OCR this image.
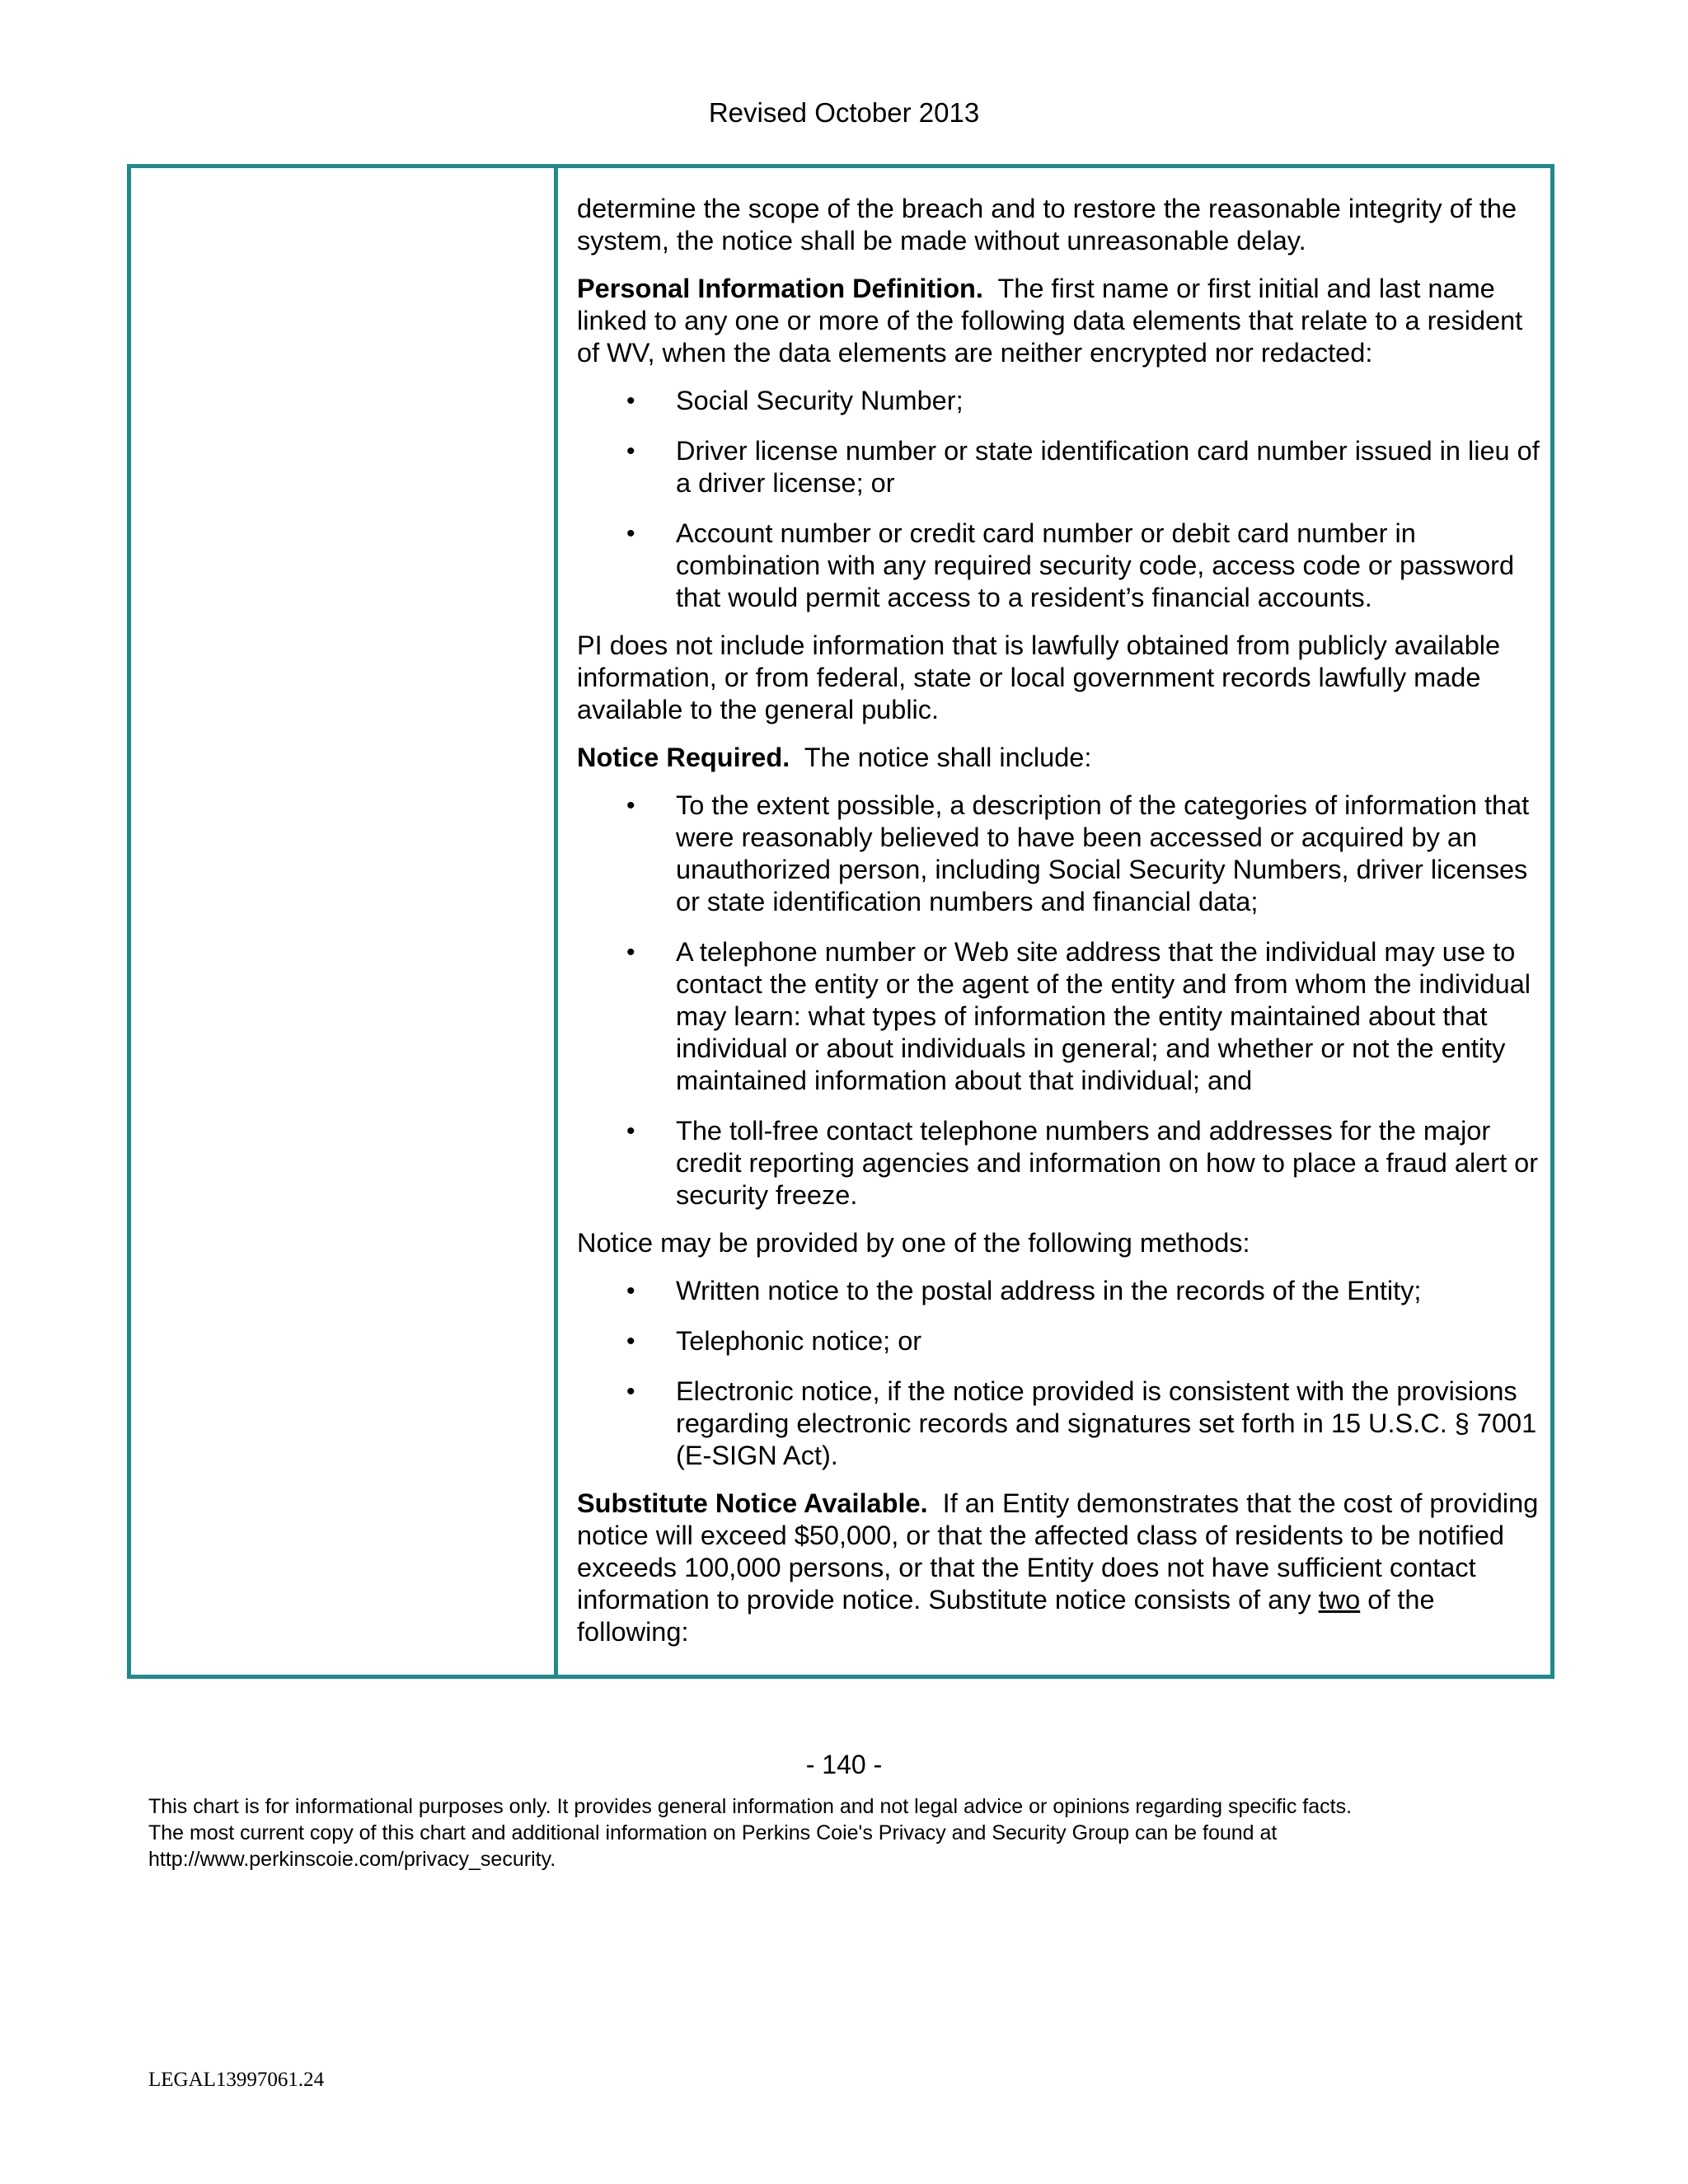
Revised October 2013

determine the scope of the breach and to restore the reasonable integrity of the system, the notice shall be made without unreasonable delay.

Personal Information Definition. The first name or first initial and last name linked to any one or more of the following data elements that relate to a resident of WV, when the data elements are neither encrypted nor redacted:

• Social Security Number;
• Driver license number or state identification card number issued in lieu of a driver license; or
• Account number or credit card number or debit card number in combination with any required security code, access code or password that would permit access to a resident’s financial accounts.

PI does not include information that is lawfully obtained from publicly available information, or from federal, state or local government records lawfully made available to the general public.

Notice Required. The notice shall include:

• To the extent possible, a description of the categories of information that were reasonably believed to have been accessed or acquired by an unauthorized person, including Social Security Numbers, driver licenses or state identification numbers and financial data;
• A telephone number or Web site address that the individual may use to contact the entity or the agent of the entity and from whom the individual may learn: what types of information the entity maintained about that individual or about individuals in general; and whether or not the entity maintained information about that individual; and
• The toll-free contact telephone numbers and addresses for the major credit reporting agencies and information on how to place a fraud alert or security freeze.

Notice may be provided by one of the following methods:

• Written notice to the postal address in the records of the Entity;
• Telephonic notice; or
• Electronic notice, if the notice provided is consistent with the provisions regarding electronic records and signatures set forth in 15 U.S.C. § 7001 (E-SIGN Act).

Substitute Notice Available. If an Entity demonstrates that the cost of providing notice will exceed $50,000, or that the affected class of residents to be notified exceeds 100,000 persons, or that the Entity does not have sufficient contact information to provide notice. Substitute notice consists of any two of the following:

- 140 -
This chart is for informational purposes only. It provides general information and not legal advice or opinions regarding specific facts.
The most current copy of this chart and additional information on Perkins Coie's Privacy and Security Group can be found at
http://www.perkinscoie.com/privacy_security.
LEGAL13997061.24
